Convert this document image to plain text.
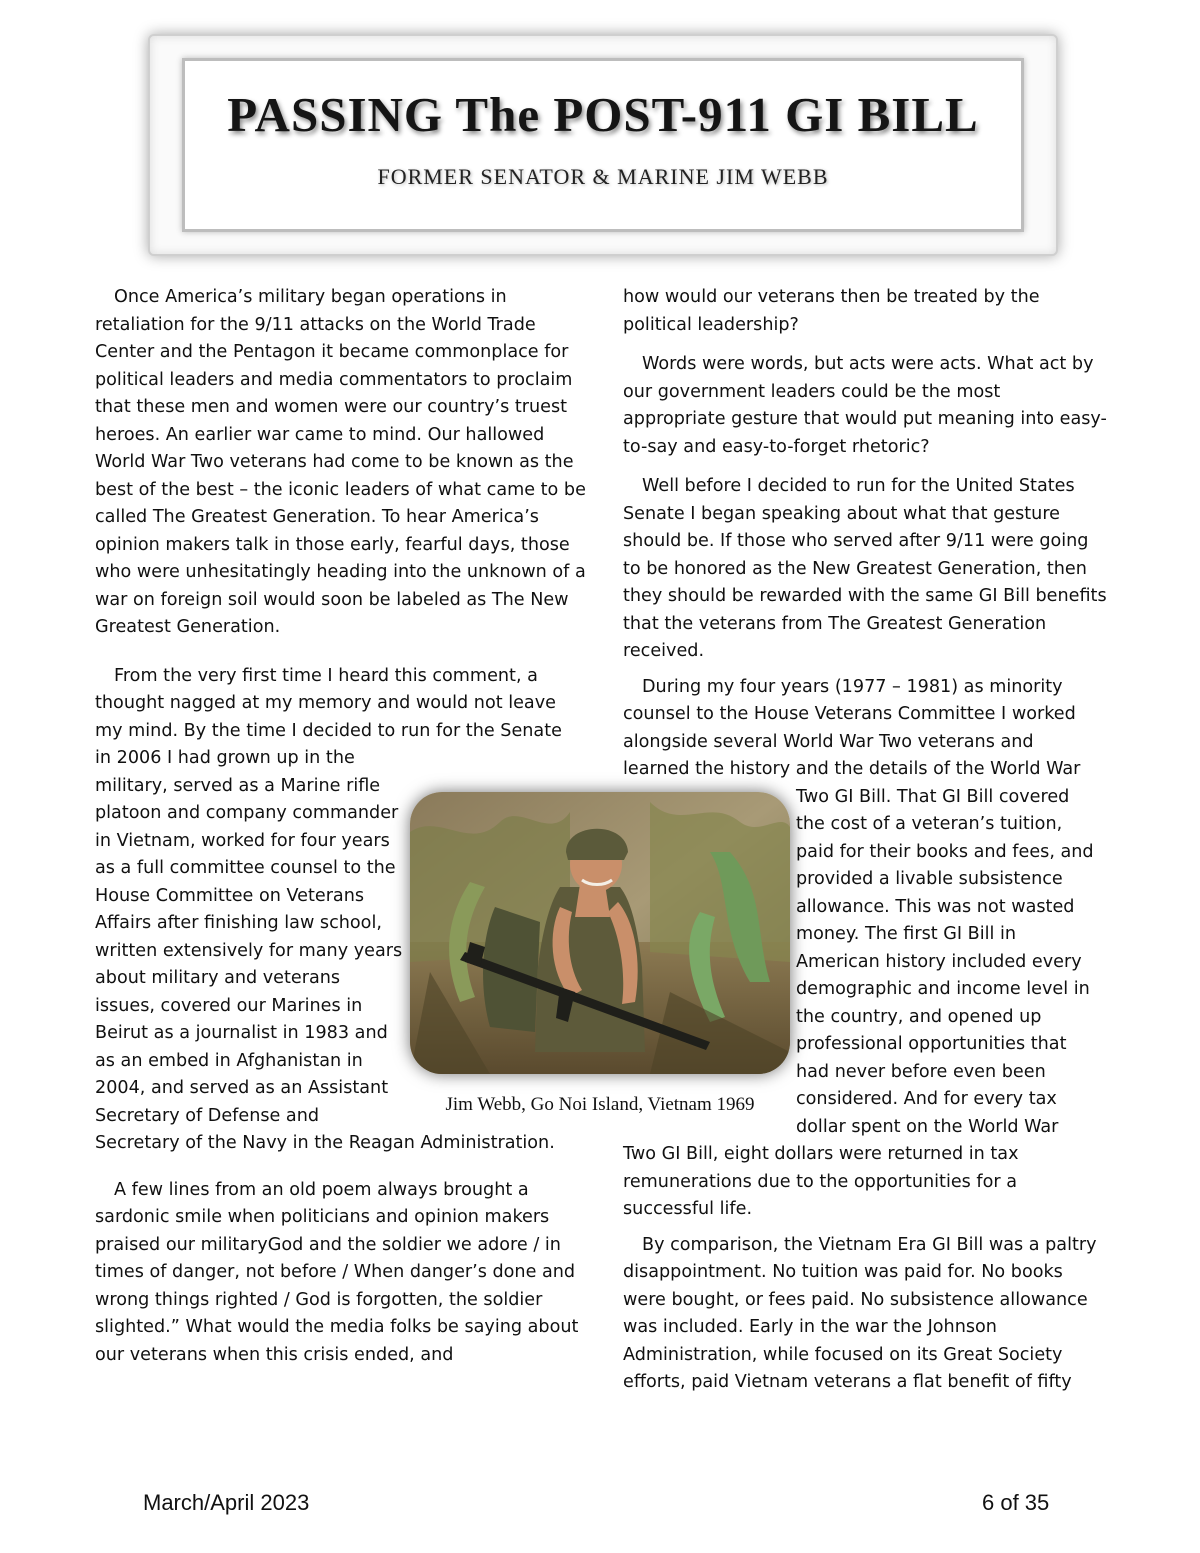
PASSING The POST-911 GI BILL
FORMER SENATOR & MARINE JIM WEBB

Once America’s military began operations in retaliation for the 9/11 attacks on the World Trade Center and the Pentagon it became commonplace for political leaders and media commentators to proclaim that these men and women were our country’s truest heroes. An earlier war came to mind. Our hallowed World War Two veterans had come to be known as the best of the best – the iconic leaders of what came to be called The Greatest Generation. To hear America’s opinion makers talk in those early, fearful days, those who were unhesitatingly heading into the unknown of a war on foreign soil would soon be labeled as The New Greatest Generation.

From the very first time I heard this comment, a
thought nagged at my memory and would not leave
my mind. By the time I decided to run for the Senate
in 2006 I had grown up in the
military, served as a Marine rifle
platoon and company commander
in Vietnam, worked for four years
as a full committee counsel to the
House Committee on Veterans
Affairs after finishing law school,
written extensively for many years
about military and veterans
issues, covered our Marines in
Beirut as a journalist in 1983 and
as an embed in Afghanistan in
2004, and served as an Assistant
Secretary of Defense and
Secretary of the Navy in the Reagan Administration.

A few lines from an old poem always brought a sardonic smile when politicians and opinion makers praised our militaryGod and the soldier we adore / in times of danger, not before / When danger’s done and wrong things righted / God is forgotten, the soldier slighted.” What would the media folks be saying about our veterans when this crisis ended, and

how would our veterans then be treated by the political leadership?

Words were words, but acts were acts. What act by our government leaders could be the most appropriate gesture that would put meaning into easy-to-say and easy-to-forget rhetoric?

Well before I decided to run for the United States Senate I began speaking about what that gesture should be. If those who served after 9/11 were going to be honored as the New Greatest Generation, then they should be rewarded with the same GI Bill benefits that the veterans from The Greatest Generation received.

During my four years (1977 – 1981) as minority
counsel to the House Veterans Committee I worked
alongside several World War Two veterans and
learned the history and the details of the World War
Two GI Bill. That GI Bill covered
the cost of a veteran’s tuition,
paid for their books and fees, and
provided a livable subsistence
allowance. This was not wasted
money. The first GI Bill in
American history included every
demographic and income level in
the country, and opened up
professional opportunities that
had never before even been
considered. And for every tax
dollar spent on the World War
Two GI Bill, eight dollars were returned in tax
remunerations due to the opportunities for a
successful life.

By comparison, the Vietnam Era GI Bill was a paltry disappointment. No tuition was paid for. No books were bought, or fees paid. No subsistence allowance was included. Early in the war the Johnson Administration, while focused on its Great Society efforts, paid Vietnam veterans a flat benefit of fifty

Jim Webb, Go Noi Island, Vietnam 1969
March/April 2023	6 of 35
